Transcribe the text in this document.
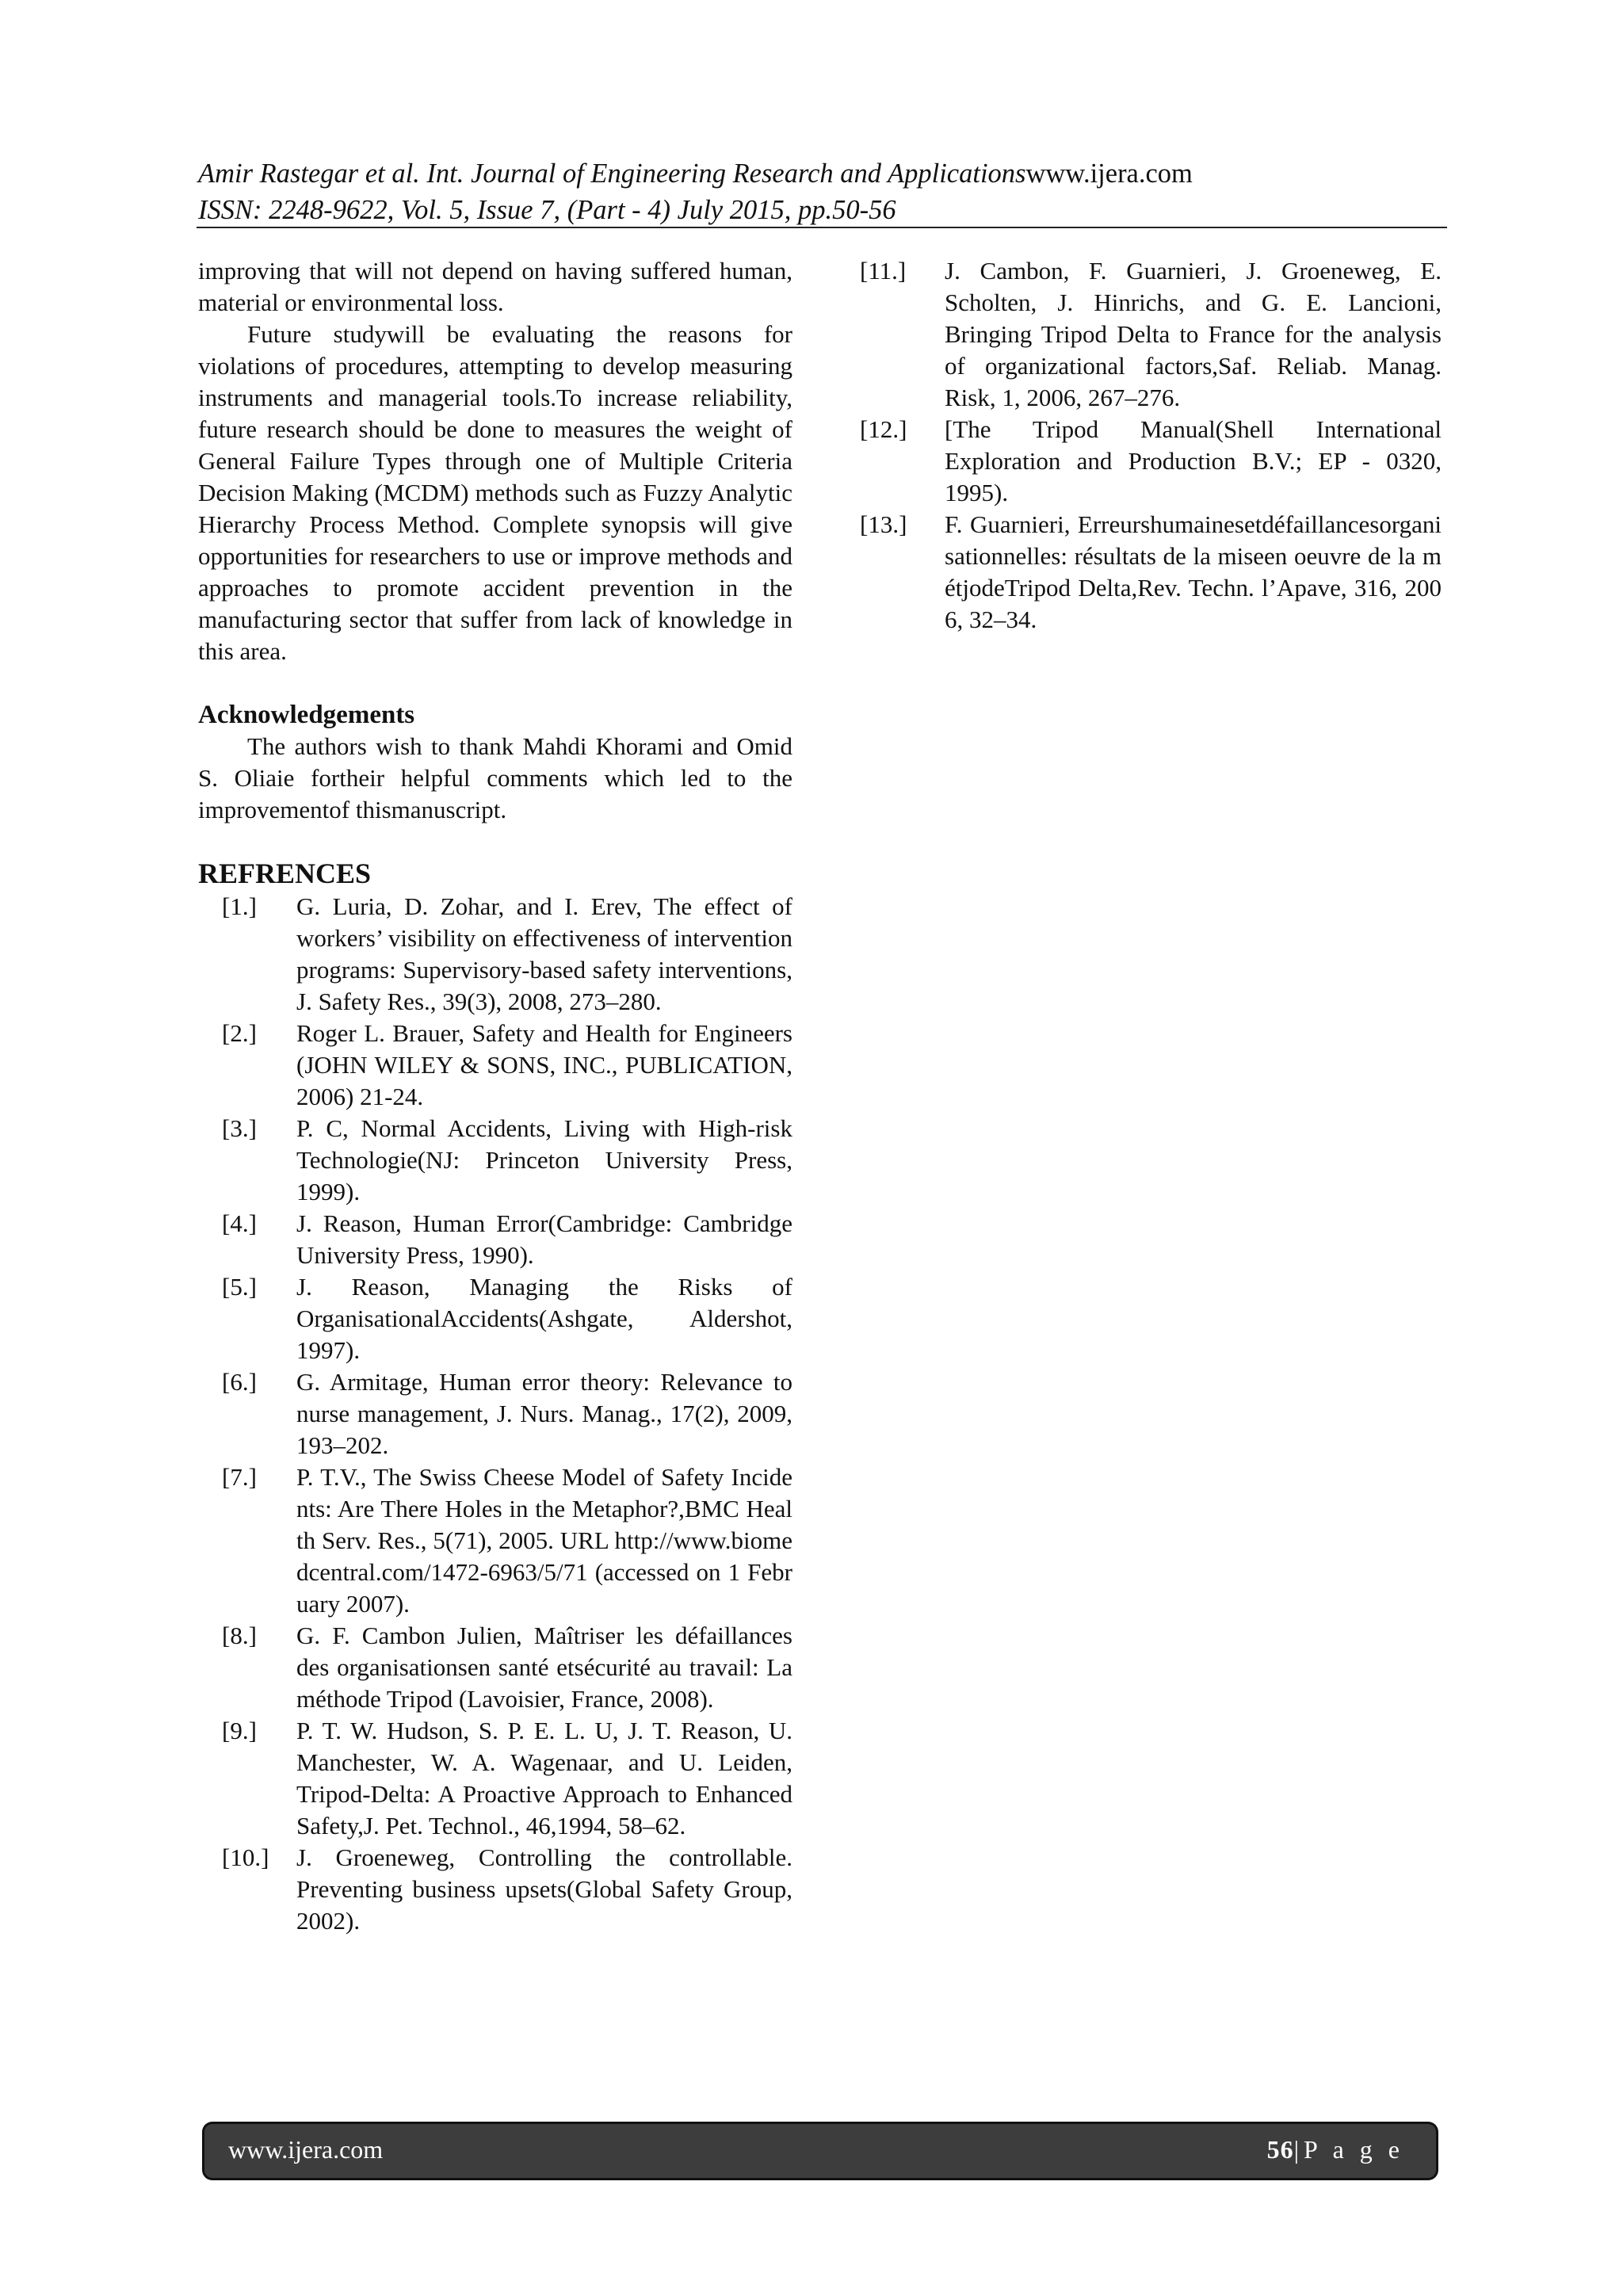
Amir Rastegar et al. Int. Journal of Engineering Research and Applicationswww.ijera.com
ISSN: 2248-9622, Vol. 5, Issue 7, (Part - 4) July 2015, pp.50-56

improving that will not depend on having suffered human, material or environmental loss.

Future studywill be evaluating the reasons for violations of procedures, attempting to develop measuring instruments and managerial tools.To increase reliability, future research should be done to measures the weight of General Failure Types through one of Multiple Criteria Decision Making (MCDM) methods such as Fuzzy Analytic Hierarchy Process Method. Complete synopsis will give opportunities for researchers to use or improve methods and approaches to promote accident prevention in the manufacturing sector that suffer from lack of knowledge in this area.

Acknowledgements

The authors wish to thank Mahdi Khorami and Omid S. Oliaie fortheir helpful comments which led to the improvementof thismanuscript.

REFRENCES
[1.]	G. Luria, D. Zohar, and I. Erev, The effect of workers’ visibility on effectiveness of intervention programs: Supervisory-based safety interventions, J. Safety Res., 39(3), 2008, 273–280.
[2.]	Roger L. Brauer, Safety and Health for Engineers (JOHN WILEY & SONS, INC., PUBLICATION, 2006) 21-24.
[3.]	P. C, Normal Accidents, Living with High-risk Technologie(NJ: Princeton University Press, 1999).
[4.]	J. Reason, Human Error(Cambridge: Cambridge University Press, 1990).
[5.]	J. Reason, Managing the Risks of OrganisationalAccidents(Ashgate, Aldershot, 1997).
[6.]	G. Armitage, Human error theory: Relevance to nurse management, J. Nurs. Manag., 17(2), 2009, 193–202.
[7.]	P. T.V., The Swiss Cheese Model of Safety Incidents: Are There Holes in the Metaphor?,BMC Health Serv. Res., 5(71), 2005. URL http://www.biomedcentral.com/1472-6963/5/71 (accessed on 1 February 2007).
[8.]	G. F. Cambon Julien, Maîtriser les défaillances des organisationsen santé etsécurité au travail: La méthode Tripod (Lavoisier, France, 2008).
[9.]	P. T. W. Hudson, S. P. E. L. U, J. T. Reason, U. Manchester, W. A. Wagenaar, and U. Leiden, Tripod-Delta: A Proactive Approach to Enhanced Safety,J. Pet. Technol., 46,1994, 58–62.
[10.]	J. Groeneweg, Controlling the controllable. Preventing business upsets(Global Safety Group, 2002).
[11.]	J. Cambon, F. Guarnieri, J. Groeneweg, E. Scholten, J. Hinrichs, and G. E. Lancioni, Bringing Tripod Delta to France for the analysis of organizational factors,Saf. Reliab. Manag. Risk, 1, 2006, 267–276.
[12.]	[The Tripod Manual(Shell International Exploration and Production B.V.; EP - 0320, 1995).
[13.]	F. Guarnieri, Erreurshumainesetdéfaillancesorganisationnelles: résultats de la miseen oeuvre de la métjodeTripod Delta,Rev. Techn. l’Apave, 316, 2006, 32–34.
www.ijera.com	56|P a g e
